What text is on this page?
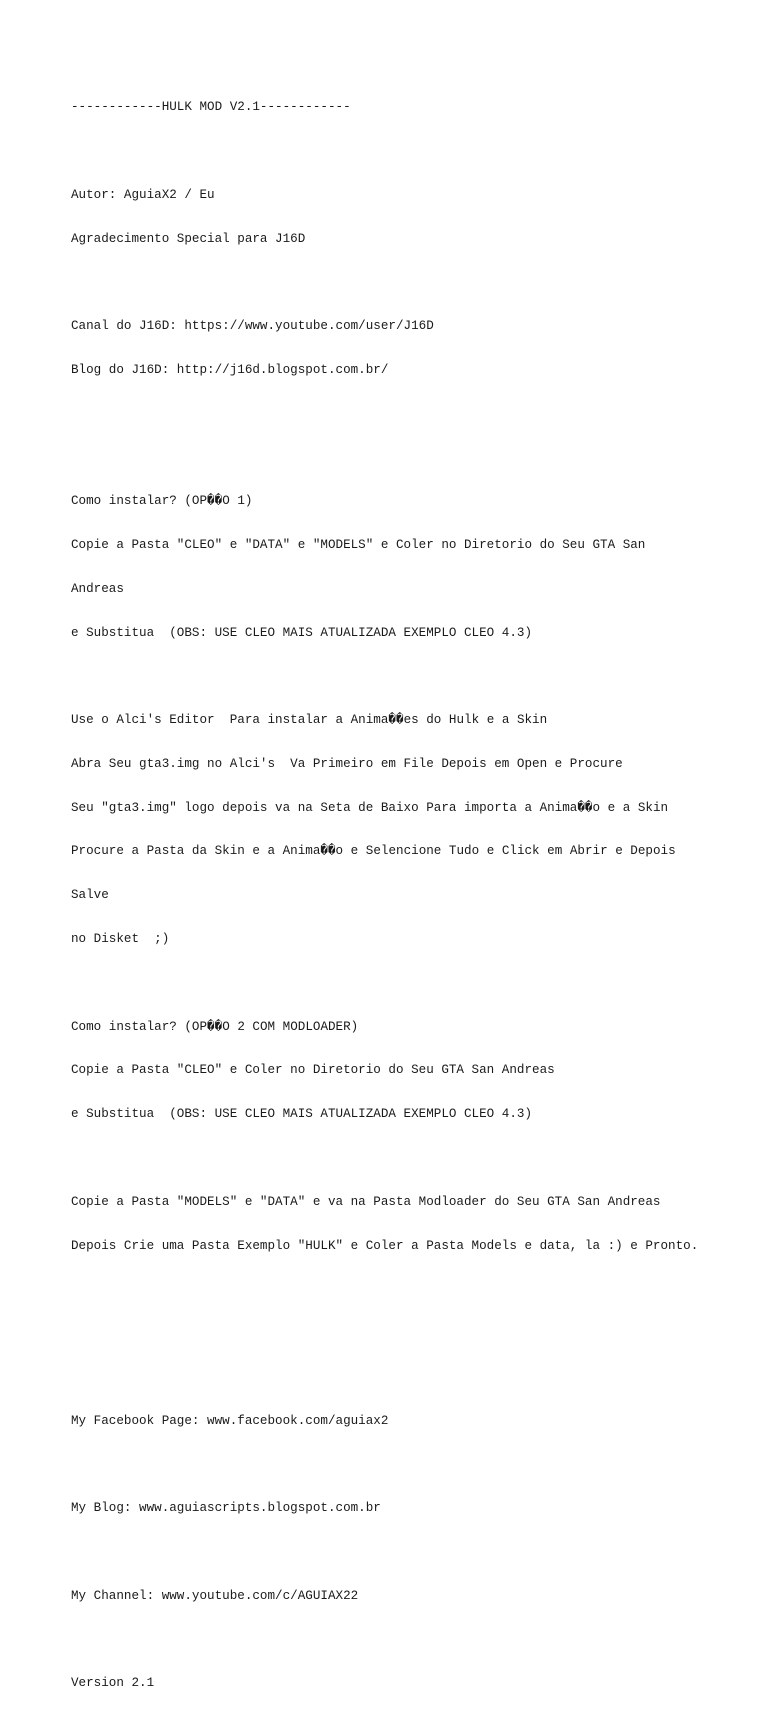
------------HULK MOD V2.1------------

Autor: AguiaX2 / Eu

Agradecimento Special para J16D

Canal do J16D: https://www.youtube.com/user/J16D

Blog do J16D: http://j16d.blogspot.com.br/

Como instalar? (OP��O 1)

Copie a Pasta "CLEO" e "DATA" e "MODELS" e Coler no Diretorio do Seu GTA San

Andreas

e Substitua  (OBS: USE CLEO MAIS ATUALIZADA EXEMPLO CLEO 4.3)

Use o Alci's Editor  Para instalar a Anima��es do Hulk e a Skin

Abra Seu gta3.img no Alci's  Va Primeiro em File Depois em Open e Procure

Seu "gta3.img" logo depois va na Seta de Baixo Para importa a Anima��o e a Skin

Procure a Pasta da Skin e a Anima��o e Selencione Tudo e Click em Abrir e Depois

Salve

no Disket  ;)

Como instalar? (OP��O 2 COM MODLOADER)

Copie a Pasta "CLEO" e Coler no Diretorio do Seu GTA San Andreas

e Substitua  (OBS: USE CLEO MAIS ATUALIZADA EXEMPLO CLEO 4.3)

Copie a Pasta "MODELS" e "DATA" e va na Pasta Modloader do Seu GTA San Andreas

Depois Crie uma Pasta Exemplo "HULK" e Coler a Pasta Models e data, la :) e Pronto.

My Facebook Page: www.facebook.com/aguiax2

My Blog: www.aguiascripts.blogspot.com.br

My Channel: www.youtube.com/c/AGUIAX22

Version 2.1
